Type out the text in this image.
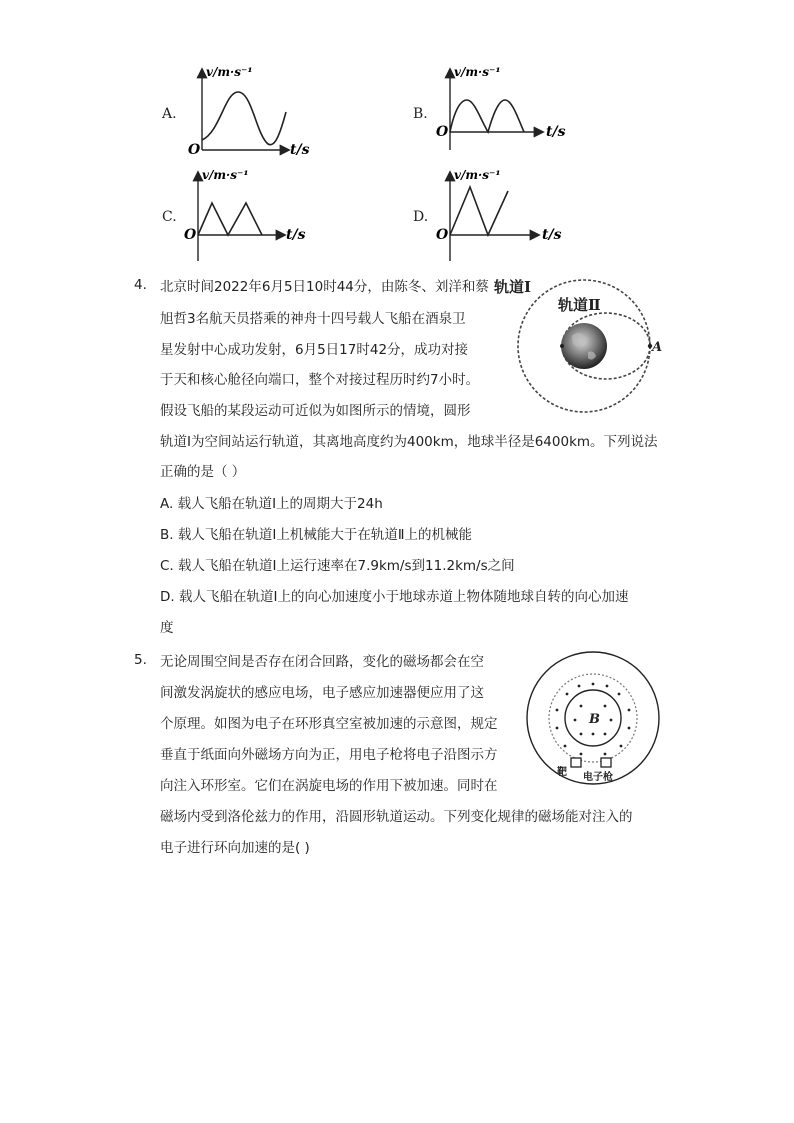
A.
O
v/m·s⁻¹
t/s
B.
O
v/m·s⁻¹
t/s
C.
O
v/m·s⁻¹
t/s
D.
O
v/m·s⁻¹
t/s
4. 北京时间2022年6月5日10时44分，由陈冬、刘洋和蔡
旭哲3名航天员搭乘的神舟十四号载人飞船在酒泉卫
星发射中心成功发射，6月5日17时42分，成功对接
于天和核心舱径向端口，整个对接过程历时约7小时。
假设飞船的某段运动可近似为如图所示的情境，圆形
轨道Ⅰ为空间站运行轨道，其离地高度约为400km，地球半径是6400km。下列说法
正确的是（ ）
A. 载人飞船在轨道Ⅰ上的周期大于24h
B. 载人飞船在轨道Ⅰ上机械能大于在轨道Ⅱ上的机械能
C. 载人飞船在轨道Ⅰ上运行速率在7.9km/s到11.2km/s之间
D. 载人飞船在轨道Ⅰ上的向心加速度小于地球赤道上物体随地球自转的向心加速
度
轨道Ⅰ
轨道Ⅱ
A
5. 无论周围空间是否存在闭合回路，变化的磁场都会在空
间激发涡旋状的感应电场，电子感应加速器便应用了这
个原理。如图为电子在环形真空室被加速的示意图，规定
垂直于纸面向外磁场方向为正，用电子枪将电子沿图示方
向注入环形室。它们在涡旋电场的作用下被加速。同时在
磁场内受到洛伦兹力的作用，沿圆形轨道运动。下列变化规律的磁场能对注入的
电子进行环向加速的是( )
B
靶 电子枪
